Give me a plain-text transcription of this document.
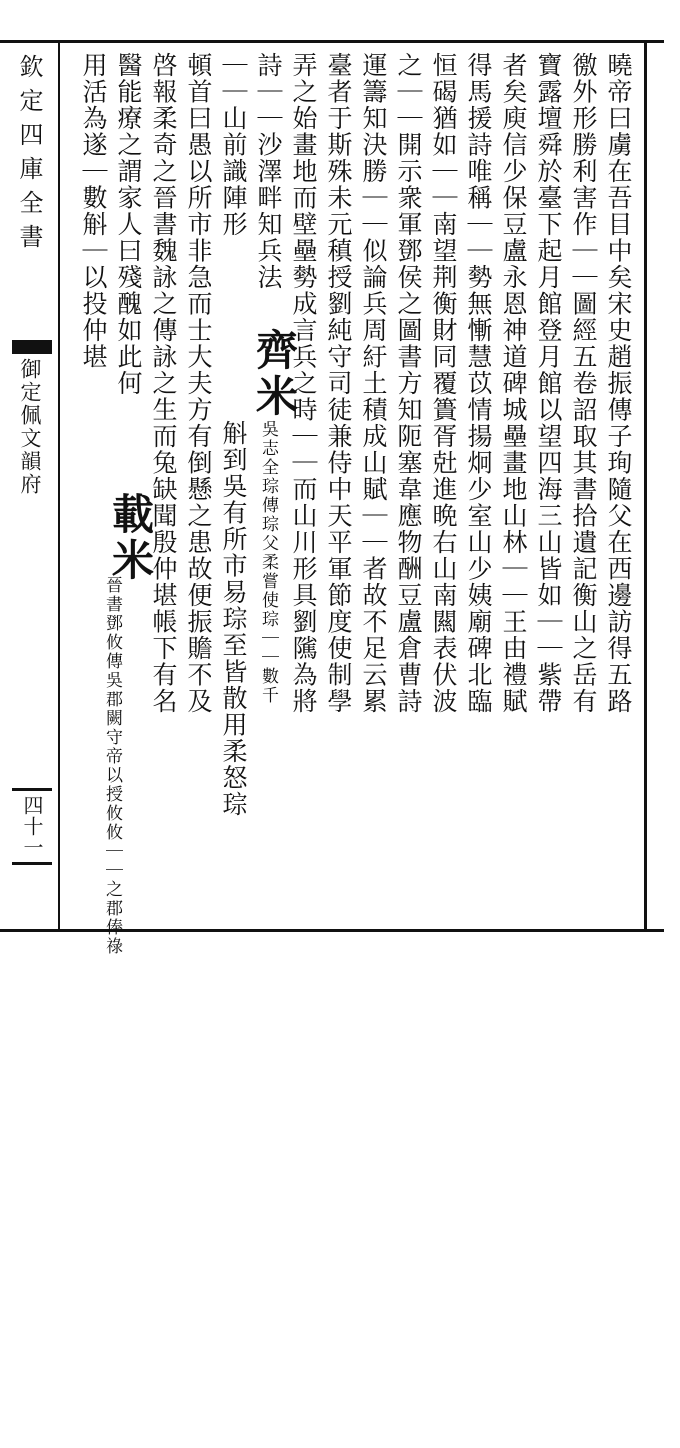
欽定四庫全書
御定佩文韻府
四十一
曉帝曰虜在吾目中矣宋史趙振傳子珣隨父在西邊訪得五路
徼外形勝利害作｜｜圖經五卷詔取其書拾遺記衡山之岳有
寶露壇舜於臺下起月館登月館以望四海三山皆如｜｜紫帶
者矣庾信少保豆盧永恩神道碑城壘畫地山林｜｜王由禮賦
得馬援詩唯稱｜｜勢無慚慧苡情揚炯少室山少姨廟碑北臨
恒碣猶如｜｜南望荆衡財同覆簣胥兙進晩右山南闗表伏波
之｜｜開示衆軍鄧侯之圖書方知阨塞韋應物酬豆盧倉曹詩
運籌知決勝｜｜似論兵周紆土積成山賦｜｜者故不足云累
臺者于斯殊未元稹授劉純守司徒兼侍中天平軍節度使制學
弄之始畫地而壁壘勢成言兵之時｜｜而山川形具劉隲為將
詩｜｜沙澤畔知兵法
｜｜山前識陣形
齊米
吳志全琮傳琮父柔嘗使琮｜｜數千
斛到吳有所市易琮至皆散用柔怒琮
頓首曰愚以所市非急而士大夫方有倒懸之患故便振贍不及
啓報柔奇之晉書魏詠之傳詠之生而兔缺聞殷仲堪帳下有名
醫能療之謂家人曰殘醜如此何
用活為遂｜數斛｜以投仲堪
載米
晉書鄧攸傳吳郡闕守帝以授攸攸｜｜之郡俸祿
